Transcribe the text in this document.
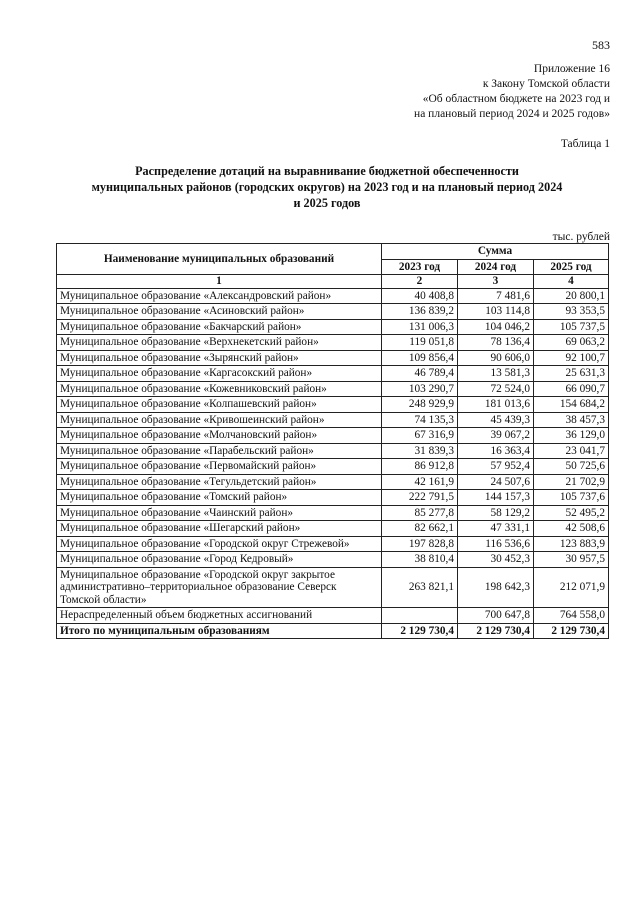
583
Приложение 16
к Закону Томской области
«Об областном бюджете на 2023 год и
на плановый период 2024 и 2025 годов»
Таблица 1
Распределение дотаций на выравнивание бюджетной обеспеченности
муниципальных районов (городских округов) на 2023 год и на плановый период 2024
и 2025 годов
тыс. рублей
Наименование муниципальных образований	Сумма		
	2023 год	2024 год	2025 год
1	2	3	4
Муниципальное образование «Александровский район»	40 408,8	7 481,6	20 800,1
Муниципальное образование «Асиновский район»	136 839,2	103 114,8	93 353,5
Муниципальное образование «Бакчарский район»	131 006,3	104 046,2	105 737,5
Муниципальное образование «Верхнекетский район»	119 051,8	78 136,4	69 063,2
Муниципальное образование «Зырянский район»	109 856,4	90 606,0	92 100,7
Муниципальное образование «Каргасокский район»	46 789,4	13 581,3	25 631,3
Муниципальное образование «Кожевниковский район»	103 290,7	72 524,0	66 090,7
Муниципальное образование «Колпашевский район»	248 929,9	181 013,6	154 684,2
Муниципальное образование «Кривошеинский район»	74 135,3	45 439,3	38 457,3
Муниципальное образование «Молчановский район»	67 316,9	39 067,2	36 129,0
Муниципальное образование «Парабельский район»	31 839,3	16 363,4	23 041,7
Муниципальное образование «Первомайский район»	86 912,8	57 952,4	50 725,6
Муниципальное образование «Тегульдетский район»	42 161,9	24 507,6	21 702,9
Муниципальное образование «Томский район»	222 791,5	144 157,3	105 737,6
Муниципальное образование «Чаинский район»	85 277,8	58 129,2	52 495,2
Муниципальное образование «Шегарский район»	82 662,1	47 331,1	42 508,6
Муниципальное образование «Городской округ Стрежевой»	197 828,8	116 536,6	123 883,9
Муниципальное образование «Город Кедровый»	38 810,4	30 452,3	30 957,5
Муниципальное образование «Городской округ закрытое административно–территориальное образование Северск Томской области»	263 821,1	198 642,3	212 071,9
Нераспределенный объем бюджетных ассигнований		700 647,8	764 558,0
Итого по муниципальным образованиям	2 129 730,4	2 129 730,4	2 129 730,4
